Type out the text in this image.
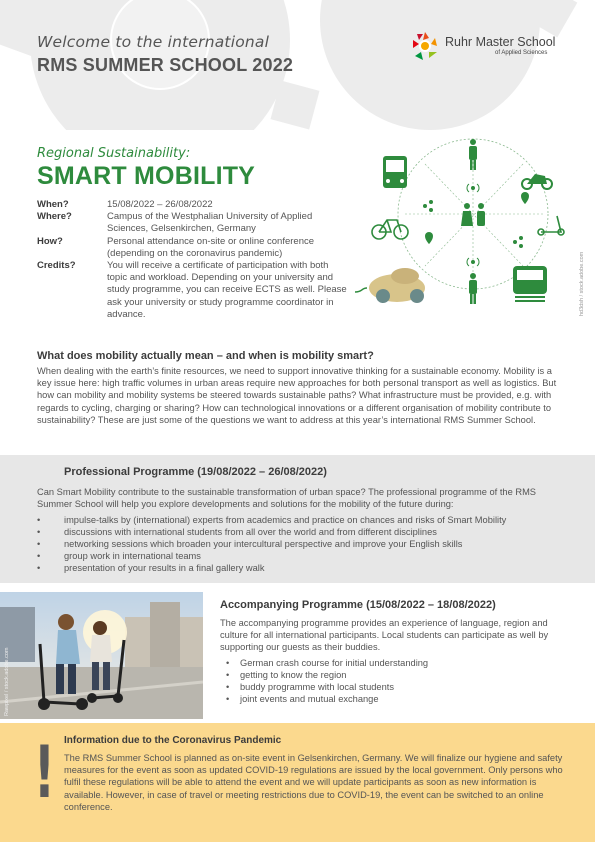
Welcome to the international
RMS SUMMER SCHOOL 2022
Ruhr Master School
of Applied Sciences
Regional Sustainability:
SMART MOBILITY
When?	15/08/2022 – 26/08/2022
Where?	Campus of the Westphalian University of Applied Sciences, Gelsenkirchen, Germany
How?	Personal attendance on-site or online conference (depending on the coronavirus pandemic)
Credits?	You will receive a certificate of participation with both topic and workload. Depending on your university and study programme, you can receive ECTS as well. Please ask your university or study programme coordinator in advance.	hd3dsh / stock.adobe.com
What does mobility actually mean – and when is mobility smart?
When dealing with the earth’s finite resources, we need to support innovative thinking for a sustainable economy. Mobility is a key issue here: high traffic volumes in urban areas require new approaches for both personal transport as well as logistics. But how can mobility and mobility systems be steered towards sustainable paths? What infrastructure must be provided, e.g. with regards to cycling, charging or sharing? How can technological innovations or a different organisation of mobility contribute to sustainability? These are just some of the questions we want to address at this year’s international RMS Summer School.
Professional Programme (19/08/2022 – 26/08/2022)
Can Smart Mobility contribute to the sustainable transformation of urban space? The professional programme of the RMS Summer School will help you explore developments and solutions for the mobility of the future during:
• impulse-talks by (international) experts from academics and practice on chances and risks of Smart Mobility
• discussions with international students from all over the world and from different disciplines
• networking sessions which broaden your intercultural perspective and improve your English skills
• group work in international teams
• presentation of your results in a final gallery walk
Rawpixel / stock.adobe.com
Accompanying Programme (15/08/2022 – 18/08/2022)
The accompanying programme provides an experience of language, region and culture for all international participants. Local students can participate as well by supporting our guests as their buddies.
• German crash course for initial understanding
• getting to know the region
• buddy programme with local students
• joint events and mutual exchange
! Information due to the Coronavirus Pandemic
The RMS Summer School is planned as on-site event in Gelsenkirchen, Germany. We will finalize our hygiene and safety measures for the event as soon as updated COVID-19 regulations are issued by the local government. Only persons who fulfil these regulations will be able to attend the event and we will update participants as soon as new information is available. However, in case of travel or meeting restrictions due to COVID-19, the event can be switched to an online conference.
